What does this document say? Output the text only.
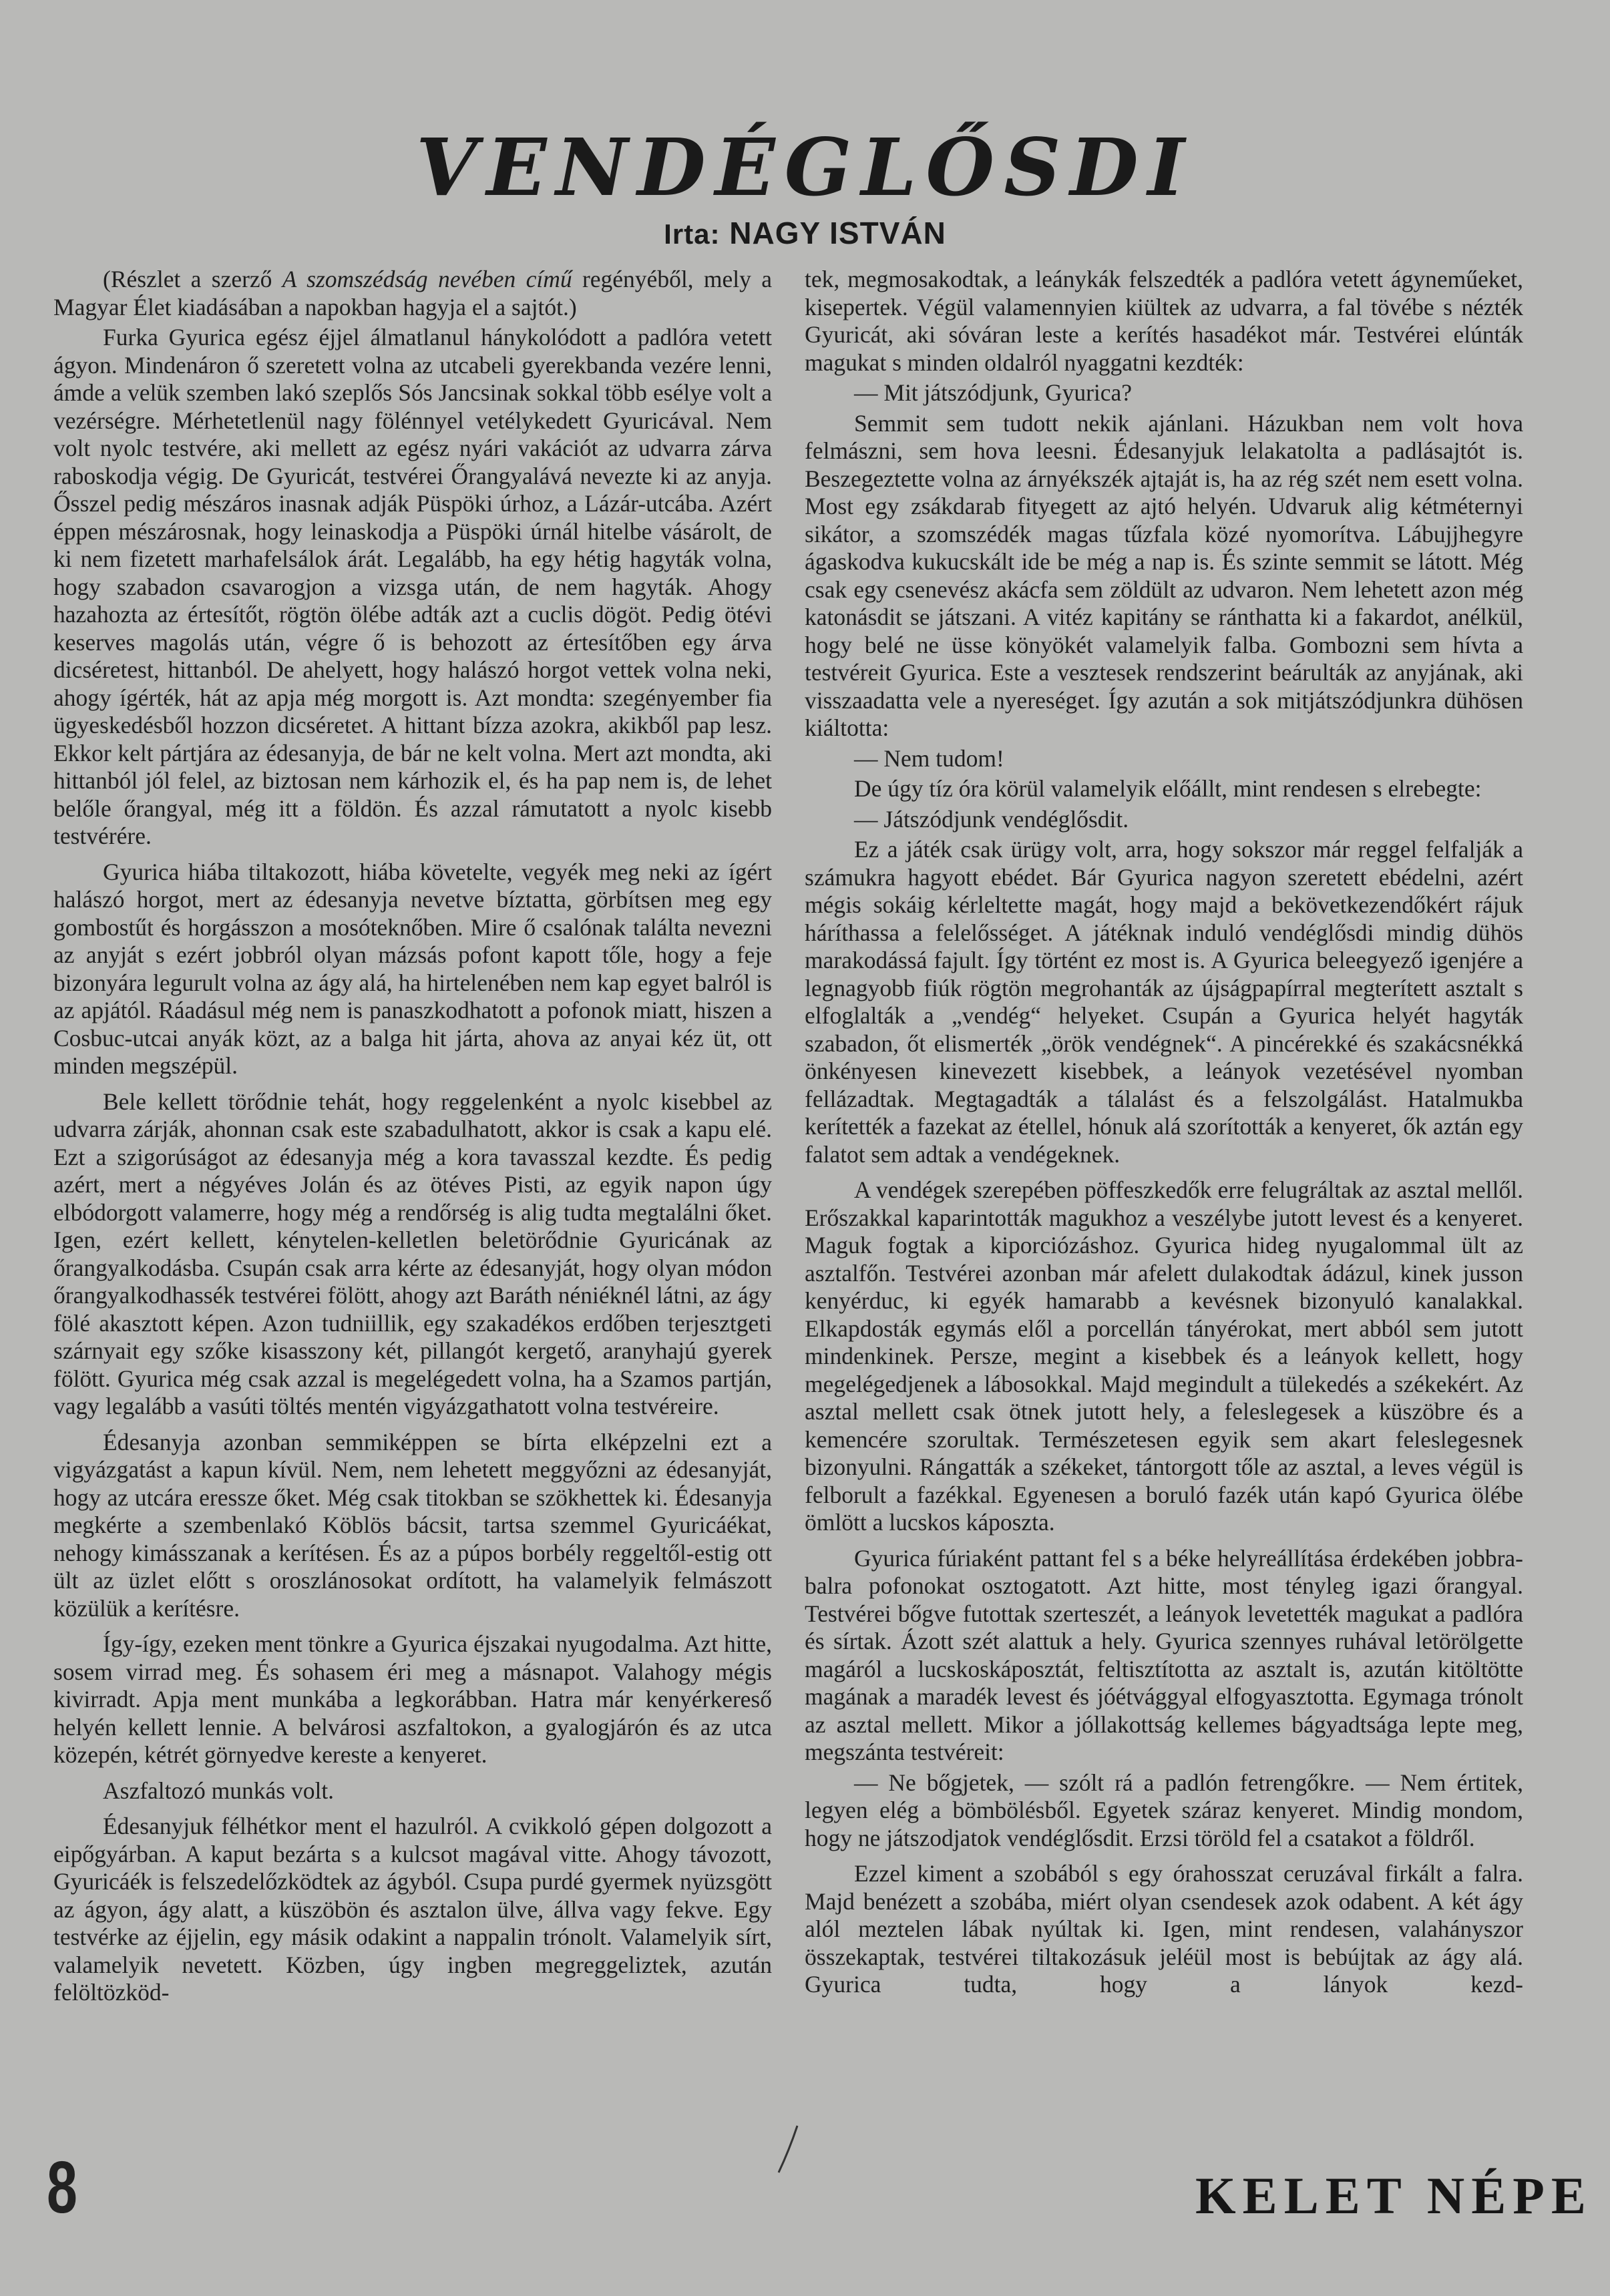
VENDÉGLŐSDI
Irta: NAGY ISTVÁN

(Részlet a szerző A szomszédság nevében című regényéből, mely a Magyar Élet kiadásában a napokban hagyja el a sajtót.)

Furka Gyurica egész éjjel álmatlanul hánykolódott a padlóra vetett ágyon. Mindenáron ő szeretett volna az utcabeli gyerekbanda vezére lenni, ámde a velük szemben lakó szeplős Sós Jancsinak sokkal több esélye volt a vezérségre. Mérhetetlenül nagy fölénnyel vetélykedett Gyuricával. Nem volt nyolc testvére, aki mellett az egész nyári vakációt az udvarra zárva raboskodja végig. De Gyuricát, testvérei Őrangyalává nevezte ki az anyja. Ősszel pedig mészáros inasnak adják Püspöki úrhoz, a Lázár-utcába. Azért éppen mészárosnak, hogy leinaskodja a Püspöki úrnál hitelbe vásárolt, de ki nem fizetett marhafelsálok árát. Legalább, ha egy hétig hagyták volna, hogy szabadon csavarogjon a vizsga után, de nem hagyták. Ahogy hazahozta az értesítőt, rögtön ölébe adták azt a cuclis dögöt. Pedig ötévi keserves magolás után, végre ő is behozott az értesítőben egy árva dicséretest, hittanból. De ahelyett, hogy halászó horgot vettek volna neki, ahogy ígérték, hát az apja még morgott is. Azt mondta: szegényember fia ügyeskedésből hozzon dicséretet. A hittant bízza azokra, akikből pap lesz. Ekkor kelt pártjára az édesanyja, de bár ne kelt volna. Mert azt mondta, aki hittanból jól felel, az biztosan nem kárhozik el, és ha pap nem is, de lehet belőle őrangyal, még itt a földön. És azzal rámutatott a nyolc kisebb testvérére.

Gyurica hiába tiltakozott, hiába követelte, vegyék meg neki az ígért halászó horgot, mert az édesanyja nevetve bíztatta, görbítsen meg egy gombostűt és horgásszon a mosóteknőben. Mire ő csalónak találta nevezni az anyját s ezért jobbról olyan mázsás pofont kapott tőle, hogy a feje bizonyára legurult volna az ágy alá, ha hirtelenében nem kap egyet balról is az apjától. Ráadásul még nem is panaszkodhatott a pofonok miatt, hiszen a Cosbuc-utcai anyák közt, az a balga hit járta, ahova az anyai kéz üt, ott minden megszépül.

Bele kellett törődnie tehát, hogy reggelenként a nyolc kisebbel az udvarra zárják, ahonnan csak este szabadulhatott, akkor is csak a kapu elé. Ezt a szigorúságot az édesanyja még a kora tavasszal kezdte. És pedig azért, mert a négyéves Jolán és az ötéves Pisti, az egyik napon úgy elbódorgott valamerre, hogy még a rendőrség is alig tudta megtalálni őket. Igen, ezért kellett, kénytelen-kelletlen beletörődnie Gyuricának az őrangyalkodásba. Csupán csak arra kérte az édesanyját, hogy olyan módon őrangyalkodhassék testvérei fölött, ahogy azt Baráth néniéknél látni, az ágy fölé akasztott képen. Azon tudniillik, egy szakadékos erdőben terjesztgeti szárnyait egy szőke kisasszony két, pillangót kergető, aranyhajú gyerek fölött. Gyurica még csak azzal is megelégedett volna, ha a Szamos partján, vagy legalább a vasúti töltés mentén vigyázgathatott volna testvéreire.

Édesanyja azonban semmiképpen se bírta elképzelni ezt a vigyázgatást a kapun kívül. Nem, nem lehetett meggyőzni az édesanyját, hogy az utcára eressze őket. Még csak titokban se szökhettek ki. Édesanyja megkérte a szembenlakó Köblös bácsit, tartsa szemmel Gyuricáékat, nehogy kimásszanak a kerítésen. És az a púpos borbély reggeltől-estig ott ült az üzlet előtt s oroszlánosokat ordított, ha valamelyik felmászott közülük a kerítésre.

Így-így, ezeken ment tönkre a Gyurica éjszakai nyugodalma. Azt hitte, sosem virrad meg. És sohasem éri meg a másnapot. Valahogy mégis kivirradt. Apja ment munkába a legkorábban. Hatra már kenyérkereső helyén kellett lennie. A belvárosi aszfaltokon, a gyalogjárón és az utca közepén, kétrét görnyedve kereste a kenyeret.

Aszfaltozó munkás volt.

Édesanyjuk félhétkor ment el hazulról. A cvikkoló gépen dolgozott a eipőgyárban. A kaput bezárta s a kulcsot magával vitte. Ahogy távozott, Gyuricáék is felszedelőzködtek az ágyból. Csupa purdé gyermek nyüzsgött az ágyon, ágy alatt, a küszöbön és asztalon ülve, állva vagy fekve. Egy testvérke az éjjelin, egy másik odakint a nappalin trónolt. Valamelyik sírt, valamelyik nevetett. Közben, úgy ingben megreggeliztek, azután felöltözköd-

tek, megmosakodtak, a leánykák felszedték a padlóra vetett ágyneműeket, kisepertek. Végül valamennyien kiültek az udvarra, a fal tövébe s nézték Gyuricát, aki sóváran leste a kerítés hasadékot már. Testvérei elúnták magukat s minden oldalról nyaggatni kezdték:

— Mit játszódjunk, Gyurica?

Semmit sem tudott nekik ajánlani. Házukban nem volt hova felmászni, sem hova leesni. Édesanyjuk lelakatolta a padlásajtót is. Beszegeztette volna az árnyékszék ajtaját is, ha az rég szét nem esett volna. Most egy zsákdarab fityegett az ajtó helyén. Udvaruk alig kétméternyi sikátor, a szomszédék magas tűzfala közé nyomorítva. Lábujjhegyre ágaskodva kukucskált ide be még a nap is. És szinte semmit se látott. Még csak egy csenevész akácfa sem zöldült az udvaron. Nem lehetett azon még katonásdit se játszani. A vitéz kapitány se ránthatta ki a fakardot, anélkül, hogy belé ne üsse könyökét valamelyik falba. Gombozni sem hívta a testvéreit Gyurica. Este a vesztesek rendszerint beárulták az anyjának, aki visszaadatta vele a nyereséget. Így azután a sok mitjátszódjunkra dühösen kiáltotta:

— Nem tudom!

De úgy tíz óra körül valamelyik előállt, mint rendesen s elrebegte:

— Játszódjunk vendéglősdit.

Ez a játék csak ürügy volt, arra, hogy sokszor már reggel felfalják a számukra hagyott ebédet. Bár Gyurica nagyon szeretett ebédelni, azért mégis sokáig kérleltette magát, hogy majd a bekövetkezendőkért rájuk háríthassa a felelősséget. A játéknak induló vendéglősdi mindig dühös marakodássá fajult. Így történt ez most is. A Gyurica beleegyező igenjére a legnagyobb fiúk rögtön megrohanták az újságpapírral megterített asztalt s elfoglalták a „vendég“ helyeket. Csupán a Gyurica helyét hagyták szabadon, őt elismerték „örök vendégnek“. A pincérekké és szakácsnékká önkényesen kinevezett kisebbek, a leányok vezetésével nyomban fellázadtak. Megtagadták a tálalást és a felszolgálást. Hatalmukba kerítették a fazekat az étellel, hónuk alá szorították a kenyeret, ők aztán egy falatot sem adtak a vendégeknek.

A vendégek szerepében pöffeszkedők erre felugráltak az asztal mellől. Erőszakkal kaparintották magukhoz a veszélybe jutott levest és a kenyeret. Maguk fogtak a kiporciózáshoz. Gyurica hideg nyugalommal ült az asztalfőn. Testvérei azonban már afelett dulakodtak ádázul, kinek jusson kenyérduc, ki egyék hamarabb a kevésnek bizonyuló kanalakkal. Elkapdosták egymás elől a porcellán tányérokat, mert abból sem jutott mindenkinek. Persze, megint a kisebbek és a leányok kellett, hogy megelégedjenek a lábosokkal. Majd megindult a tülekedés a székekért. Az asztal mellett csak ötnek jutott hely, a feleslegesek a küszöbre és a kemencére szorultak. Természetesen egyik sem akart feleslegesnek bizonyulni. Rángatták a székeket, tántorgott tőle az asztal, a leves végül is felborult a fazékkal. Egyenesen a boruló fazék után kapó Gyurica ölébe ömlött a lucskos káposzta.

Gyurica fúriaként pattant fel s a béke helyreállítása érdekében jobbra-balra pofonokat osztogatott. Azt hitte, most tényleg igazi őrangyal. Testvérei bőgve futottak szerteszét, a leányok levetették magukat a padlóra és sírtak. Ázott szét alattuk a hely. Gyurica szennyes ruhával letörölgette magáról a lucskoskáposztát, feltisztította az asztalt is, azután kitöltötte magának a maradék levest és jóétvággyal elfogyasztotta. Egymaga trónolt az asztal mellett. Mikor a jóllakottság kellemes bágyadtsága lepte meg, megszánta testvéreit:

— Ne bőgjetek, — szólt rá a padlón fetrengőkre. — Nem értitek, legyen elég a bömbölésből. Egyetek száraz kenyeret. Mindig mondom, hogy ne játszodjatok vendéglősdit. Erzsi töröld fel a csatakot a földről.

Ezzel kiment a szobából s egy órahosszat ceruzával firkált a falra. Majd benézett a szobába, miért olyan csendesek azok odabent. A két ágy alól meztelen lábak nyúltak ki. Igen, mint rendesen, valahányszor összekaptak, testvérei tiltakozásuk jeléül most is bebújtak az ágy alá. Gyurica tudta, hogy a lányok kezd-

8	KELET NÉPE
